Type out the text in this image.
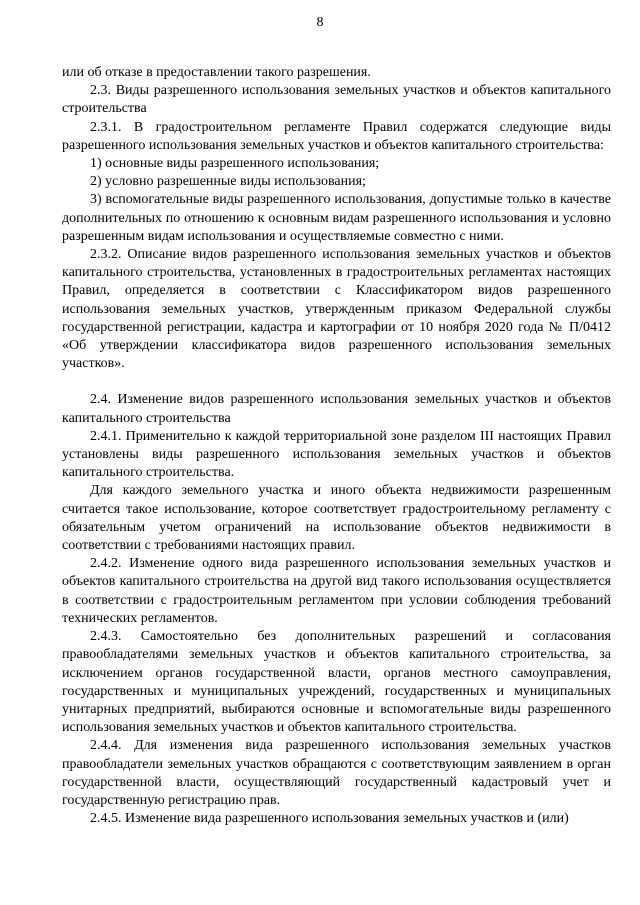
8

или об отказе в предоставлении такого разрешения.

2.3. Виды разрешенного использования земельных участков и объектов капитального строительства

2.3.1. В градостроительном регламенте Правил содержатся следующие виды разрешенного использования земельных участков и объектов капитального строительства:

1) основные виды разрешенного использования;

2) условно разрешенные виды использования;

3) вспомогательные виды разрешенного использования, допустимые только в качестве дополнительных по отношению к основным видам разрешенного использования и условно разрешенным видам использования и осуществляемые совместно с ними.

2.3.2. Описание видов разрешенного использования земельных участков и объектов капитального строительства, установленных в градостроительных регламентах настоящих Правил, определяется в соответствии с Классификатором видов разрешенного использования земельных участков, утвержденным приказом Федеральной службы государственной регистрации, кадастра и картографии от 10 ноября 2020 года № П/0412 «Об утверждении классификатора видов разрешенного использования земельных участков».

2.4. Изменение видов разрешенного использования земельных участков и объектов капитального строительства

2.4.1. Применительно к каждой территориальной зоне разделом III настоящих Правил установлены виды разрешенного использования земельных участков и объектов капитального строительства.

Для каждого земельного участка и иного объекта недвижимости разрешенным считается такое использование, которое соответствует градостроительному регламенту с обязательным учетом ограничений на использование объектов недвижимости в соответствии с требованиями настоящих правил.

2.4.2. Изменение одного вида разрешенного использования земельных участков и объектов капитального строительства на другой вид такого использования осуществляется в соответствии с градостроительным регламентом при условии соблюдения требований технических регламентов.

2.4.3. Самостоятельно без дополнительных разрешений и согласования правообладателями земельных участков и объектов капитального строительства, за исключением органов государственной власти, органов местного самоуправления, государственных и муниципальных учреждений, государственных и муниципальных унитарных предприятий, выбираются основные и вспомогательные виды разрешенного использования земельных участков и объектов капитального строительства.

2.4.4. Для изменения вида разрешенного использования земельных участков правообладатели земельных участков обращаются с соответствующим заявлением в орган государственной власти, осуществляющий государственный кадастровый учет и государственную регистрацию прав.

2.4.5. Изменение вида разрешенного использования земельных участков и (или)
